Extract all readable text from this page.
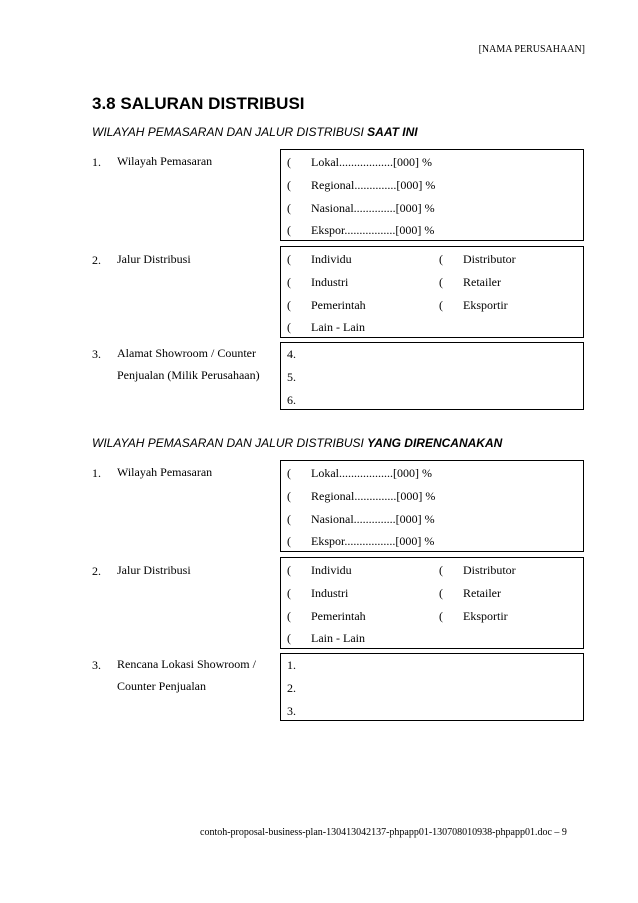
[NAMA PERUSAHAAN]
3.8 SALURAN DISTRIBUSI
WILAYAH PEMASARAN DAN JALUR DISTRIBUSI SAAT INI
1. Wilayah Pemasaran	( Lokal..................[000] %
( Regional..............[000] %
( Nasional..............[000] %
( Ekspor.................[000] %
2. Jalur Distribusi	( Individu	( Distributor
( Industri	( Retailer
( Pemerintah	( Eksportir
( Lain - Lain
3. Alamat Showroom / Counter Penjualan (Milik Perusahaan)
4.
5.
6.
WILAYAH PEMASARAN DAN JALUR DISTRIBUSI YANG DIRENCANAKAN
1. Wilayah Pemasaran	( Lokal..................[000] %
( Regional..............[000] %
( Nasional..............[000] %
( Ekspor.................[000] %
2. Jalur Distribusi	( Individu	( Distributor
( Industri	( Retailer
( Pemerintah	( Eksportir
( Lain - Lain
3. Rencana Lokasi Showroom / Counter Penjualan
1.
2.
3.
contoh-proposal-business-plan-130413042137-phpapp01-130708010938-phpapp01.doc – 9
